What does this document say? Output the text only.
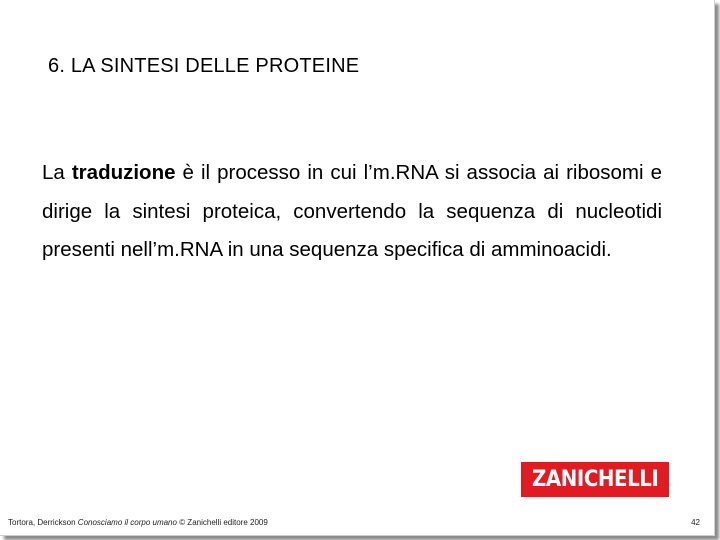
6. LA SINTESI DELLE PROTEINE
La traduzione è il processo in cui l’m.RNA si associa ai ribosomi e dirige la sintesi proteica, convertendo la sequenza di nucleotidi presenti nell’m.RNA in una sequenza specifica di amminoacidi.
ZANICHELLI
Tortora, Derrickson Conosciamo il corpo umano © Zanichelli editore 2009	42
